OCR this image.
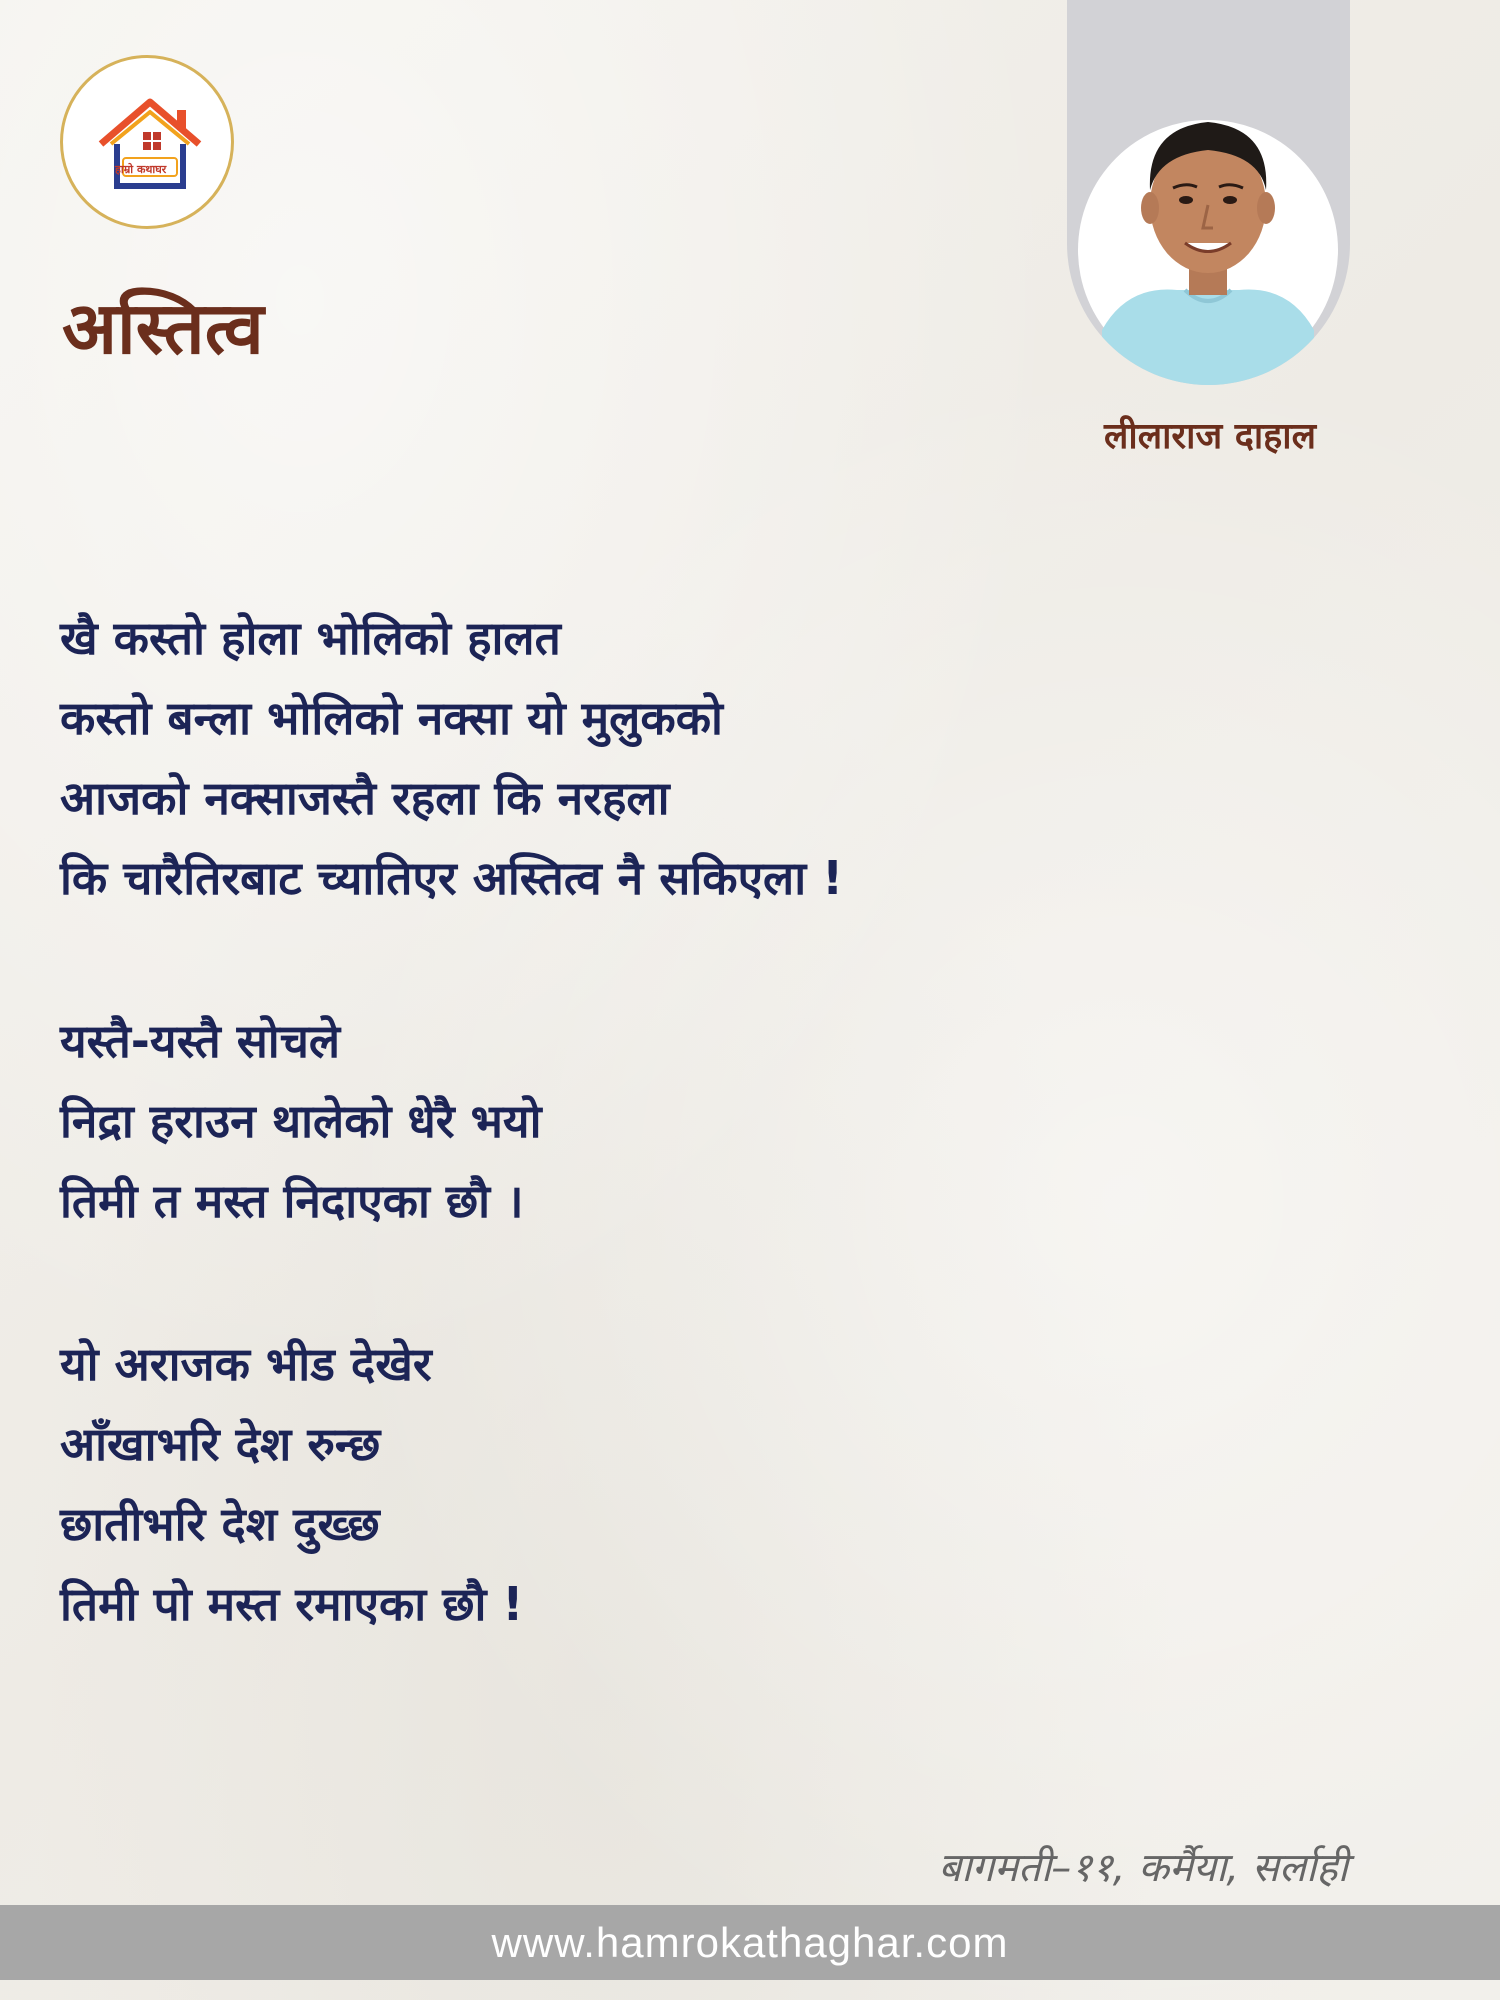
हाम्रो कथाघर
अस्तित्व
लीलाराज दाहाल
खै कस्तो होला भोलिको हालत
कस्तो बन्ला भोलिको नक्सा यो मुलुकको
आजको नक्साजस्तै रहला कि नरहला
कि चारैतिरबाट च्यातिएर अस्तित्व नै सकिएला !
यस्तै-यस्तै सोचले
निद्रा हराउन थालेको धेरै भयो
तिमी त मस्त निदाएका छौ ।
यो अराजक भीड देखेर
आँखाभरि देश रुन्छ
छातीभरि देश दुख्छ
तिमी पो मस्त रमाएका छौ !
बागमती–११, कर्मैया, सर्लाही
www.hamrokathaghar.com
